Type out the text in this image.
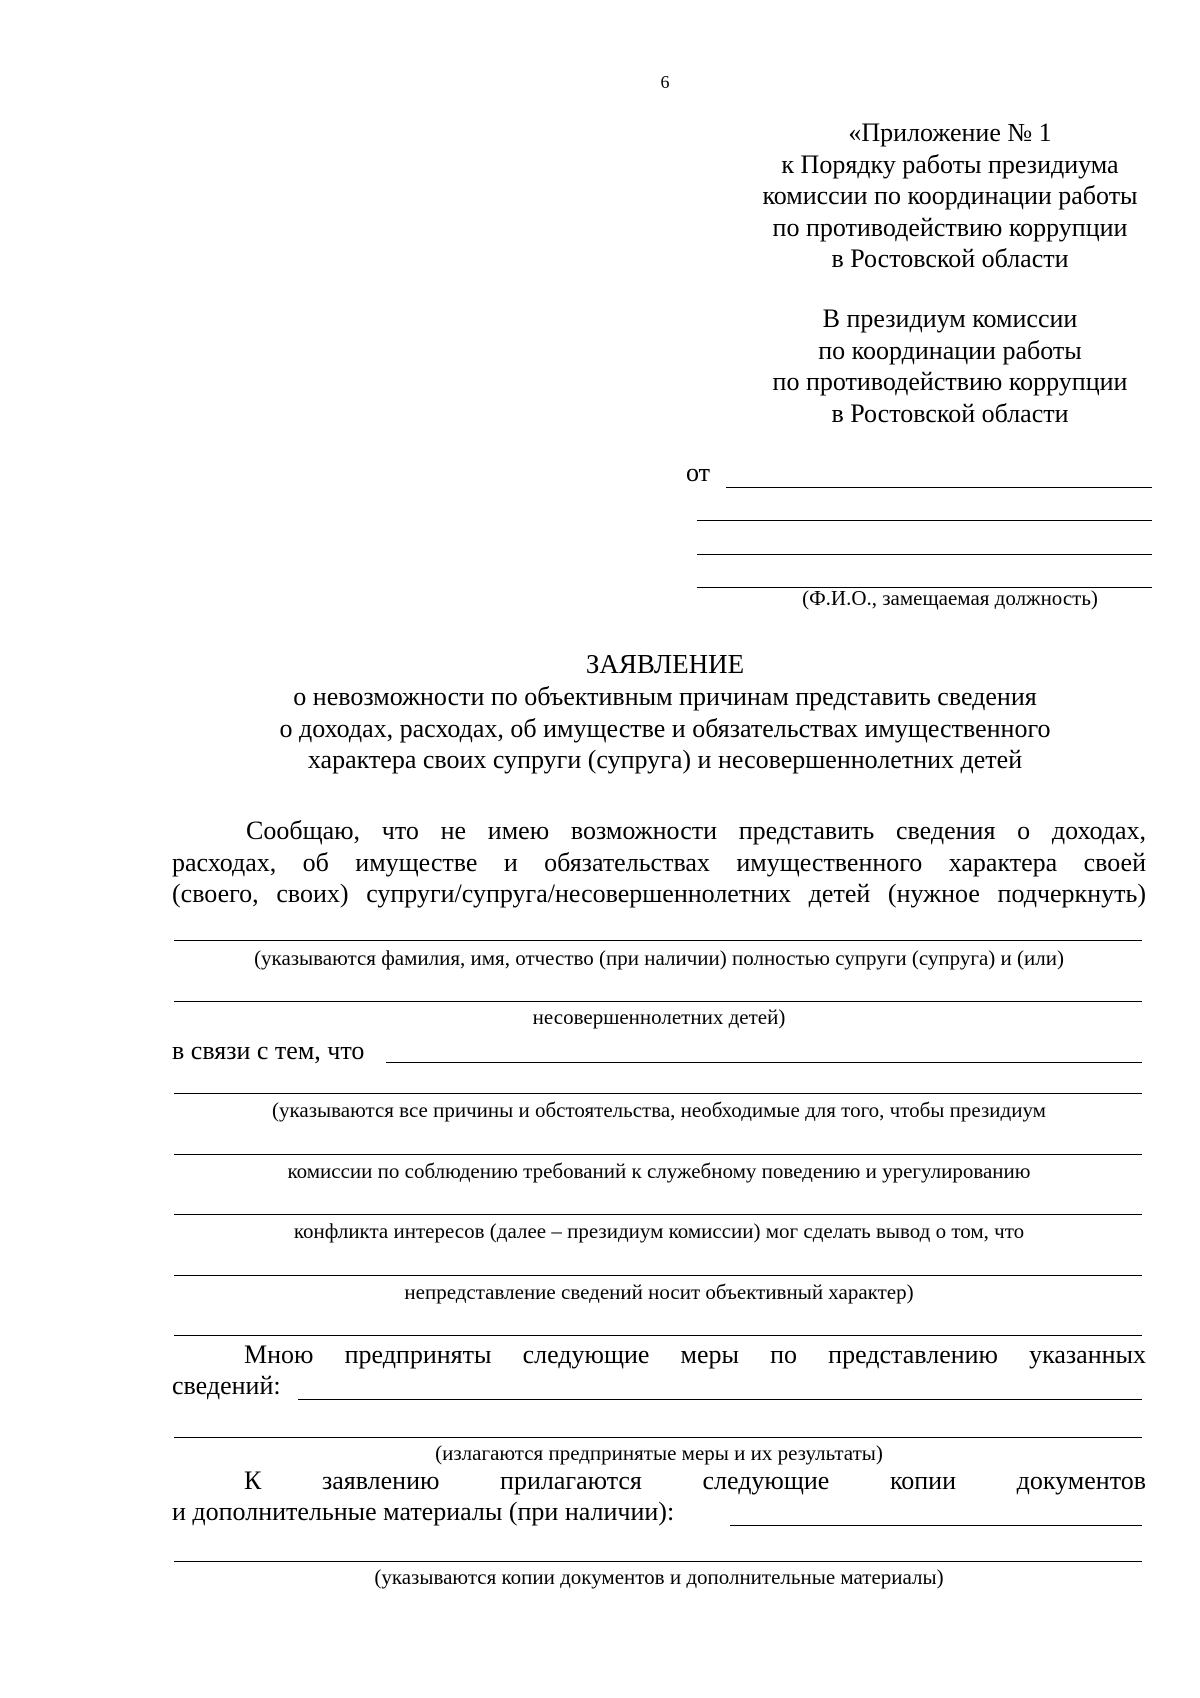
6
«Приложение № 1
к Порядку работы президиума
комиссии по координации работы
по противодействию коррупции
в Ростовской области
В президиум комиссии
по координации работы
по противодействию коррупции
в Ростовской области
от
(Ф.И.О., замещаемая должность)
ЗАЯВЛЕНИЕ
о невозможности по объективным причинам представить сведения
о доходах, расходах, об имуществе и обязательствах имущественного
характера своих супруги (супруга) и несовершеннолетних детей
Сообщаю, что не имею возможности представить сведения о доходах,
расходах, об имуществе и обязательствах имущественного характера своей
(своего, своих) супруги/супруга/несовершеннолетних детей (нужное подчеркнуть)
(указываются фамилия, имя, отчество (при наличии) полностью супруги (супруга) и (или)
несовершеннолетних детей)
в связи с тем, что
(указываются все причины и обстоятельства, необходимые для того, чтобы президиум
комиссии по соблюдению требований к служебному поведению и урегулированию
конфликта интересов (далее – президиум комиссии) мог сделать вывод о том, что
непредставление сведений носит объективный характер)
Мною предприняты следующие меры по представлению указанных
сведений:
(излагаются предпринятые меры и их результаты)
К заявлению прилагаются следующие копии документов
и дополнительные материалы (при наличии):
(указываются копии документов и дополнительные материалы)
